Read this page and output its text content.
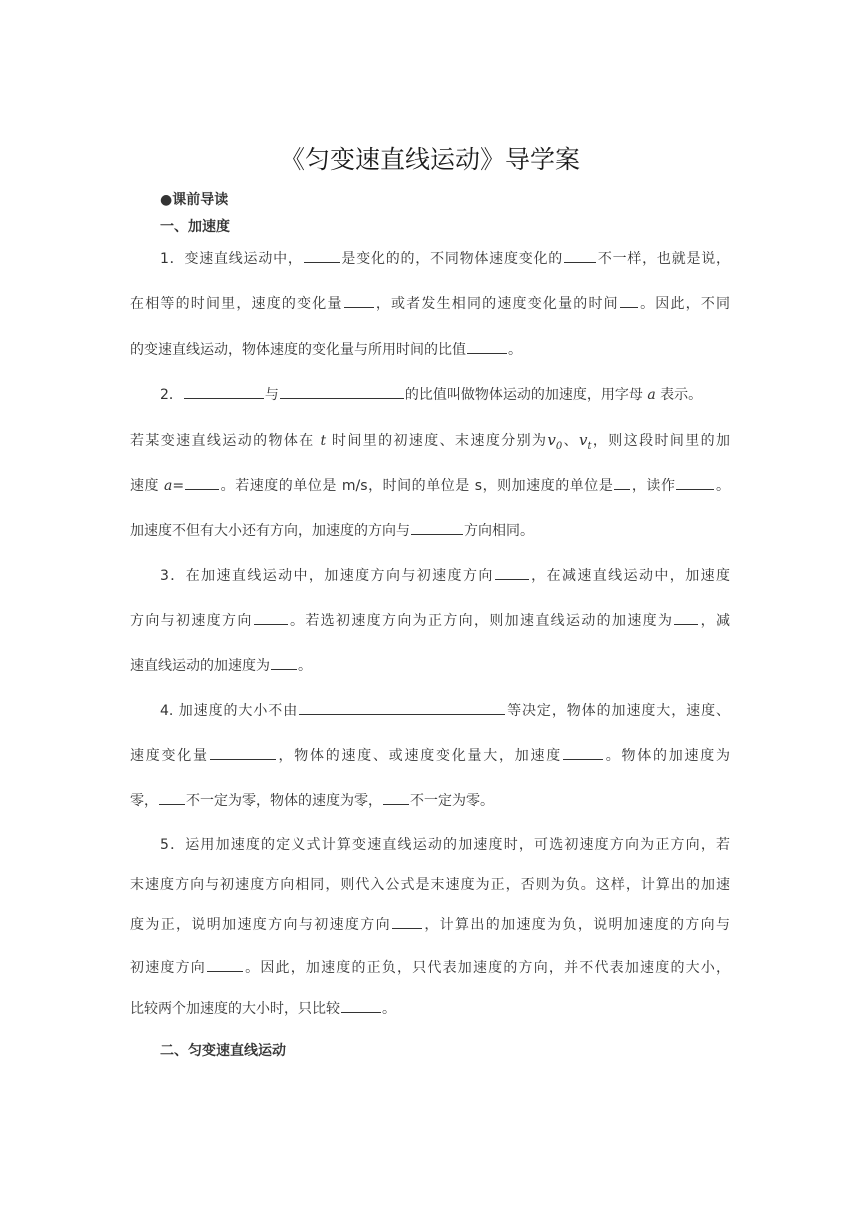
《匀变速直线运动》导学案
●课前导读
一、加速度
1．变速直线运动中，	是变化的的，不同物体速度变化的 不一样，也就是说，
在相等的时间里，速度的变化量 ，或者发生相同的速度变化量的时间 。因此，不同
的变速直线运动，物体速度的变化量与所用时间的比值	。
2．	与	的比值叫做物体运动的加速度，用字母 a 表示。
若某变速直线运动的物体在 t 时间里的初速度、末速度分别为$v_0$、$v_t$，则这段时间里的加
速度 a=	。若速度的单位是 m/s，时间的单位是 s，则加速度的单位是 ，读作	。
加速度不但有大小还有方向，加速度的方向与	方向相同。
3．在加速直线运动中，加速度方向与初速度方向	，在减速直线运动中，加速度
方向与初速度方向	。若选初速度方向为正方向，则加速直线运动的加速度为 ，减
速直线运动的加速度为 。
4. 加速度的大小不由	等决定，物体的加速度大，速度、
速度变化量	，物体的速度、或速度变化量大，加速度	。物体的加速度为
零， 不一定为零，物体的速度为零， 不一定为零。
5．运用加速度的定义式计算变速直线运动的加速度时，可选初速度方向为正方向，若
末速度方向与初速度方向相同，则代入公式是末速度为正，否则为负。这样，计算出的加速
度为正，说明加速度方向与初速度方向 ，计算出的加速度为负，说明加速度的方向与
初速度方向	。因此，加速度的正负，只代表加速度的方向，并不代表加速度的大小，
比较两个加速度的大小时，只比较	。
二、匀变速直线运动
